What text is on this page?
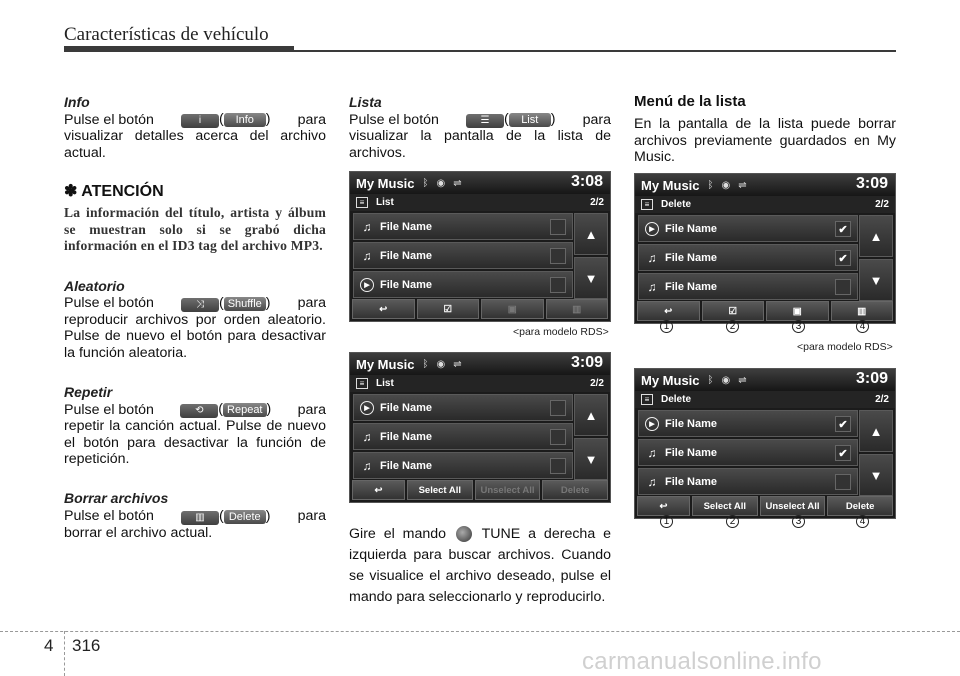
Características de vehículo
Info
Pulse el botón	i ( Info ) para
visualizar detalles acerca del archivo actual.
✽ ATENCIÓN
La información del título, artista y álbum se muestran solo si se grabó dicha información en el ID3 tag del archivo MP3.
Aleatorio
Pulse el botón	⤨ ( Shuffle ) para
reproducir archivos por orden aleatorio. Pulse de nuevo el botón para desactivar la función aleatoria.
Repetir
Pulse el botón	⟲ ( Repeat ) para
repetir la canción actual. Pulse de nuevo el botón para desactivar la función de repetición.
Borrar archivos
Pulse el botón	▥ ( Delete ) para
borrar el archivo actual.
Lista
Pulse el botón	☰ ( List ) para
visualizar la pantalla de la lista de archivos.
My Music ᛒ ◉ ⇌	3:08
≡	List	2/2
♫ File Name
♫ File Name
▶ File Name
▲
▼
↩	☑	▣	▥
<para modelo RDS>
My Music ᛒ ◉ ⇌	3:09
≡	List	2/2
▶ File Name
♫ File Name
♫ File Name
▲
▼
↩	Select All	Unselect All	Delete
Gire el mando	TUNE a derecha e izquierda para buscar archivos. Cuando se visualice el archivo deseado, pulse el mando para seleccionarlo y reproducirlo.
Menú de la lista
En la pantalla de la lista puede borrar archivos previamente guardados en My Music.
My Music ᛒ ◉ ⇌	3:09
≡	Delete	2/2
▶ File Name	✔
♫ File Name	✔
♫ File Name
▲
▼
↩	☑	▣	▥
1	2	3	4
<para modelo RDS>
My Music ᛒ ◉ ⇌	3:09
≡	Delete	2/2
▶ File Name	✔
♫ File Name	✔
♫ File Name
▲
▼
↩	Select All	Unselect All	Delete
1	2	3	4
4 316
carmanualsonline.info
